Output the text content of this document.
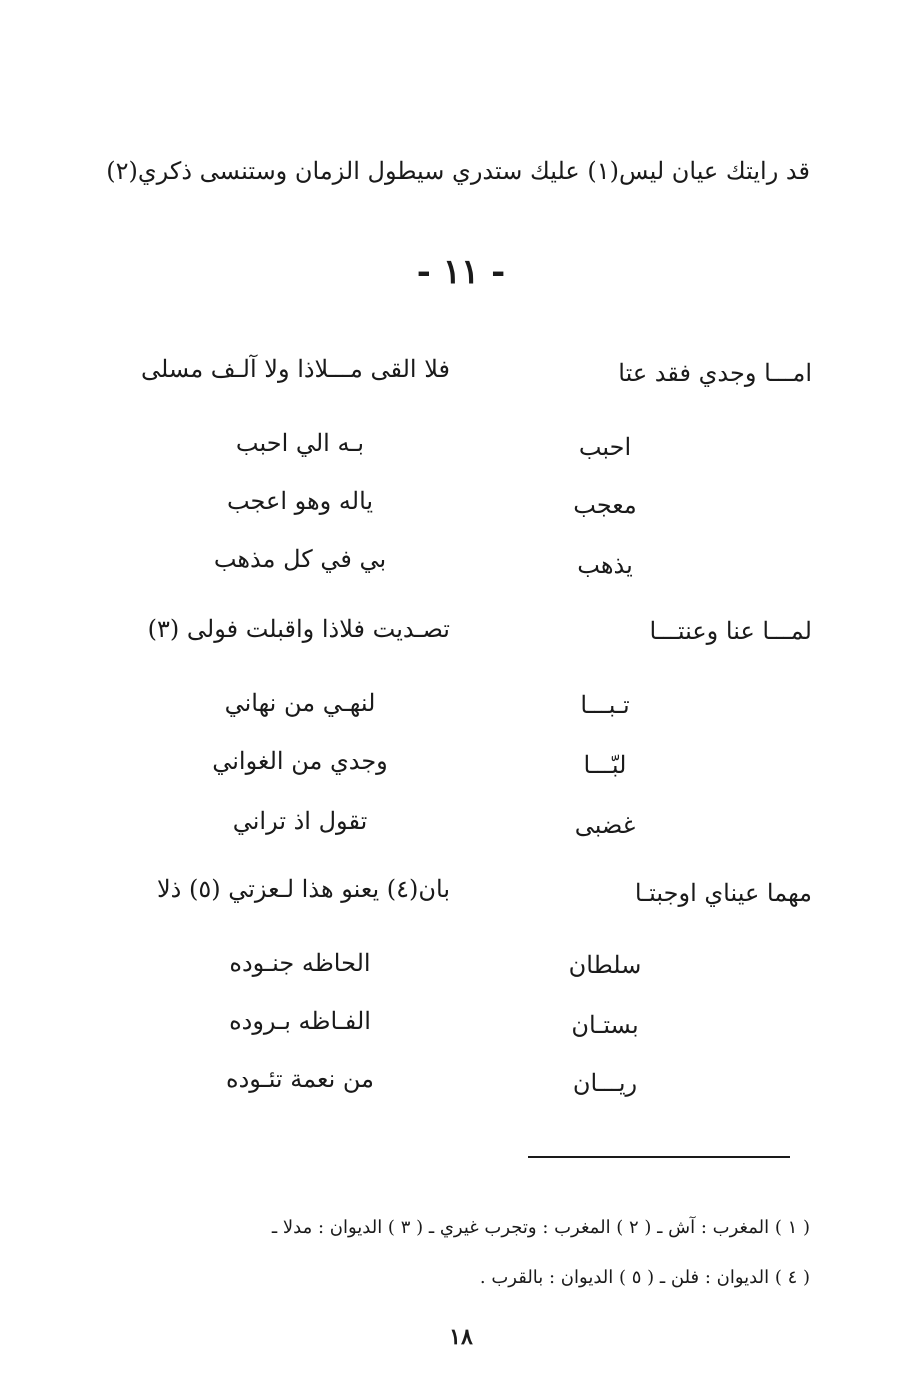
قد رايتك عيان ليس(١) عليك ستدري سيطول الزمان وستنسى ذكري(٢)
- ١١ -
امـــا وجدي فقد عتا
فلا القى مـــلاذا ولا آلـف مسلى
احبب
بـه الي احبب
معجب
ياله وهو اعجب
يذهب
بي في كل مذهب
لمـــا عنا وعنتـــا
تصـديت فلاذا واقبلت فولى (٣)
تـبـــا
لنهـي من نهاني
لبّـــا
وجدي من الغواني
غضبى
تقول اذ تراني
مهما عيناي اوجبتـا
بان(٤) يعنو هذا لـعزتي (٥) ذلا
سلطان
الحاظه جنـوده
بستـان
الفـاظه بـروده
ريـــان
من نعمة تئـوده
( ١ ) المغرب : آش ـ ( ٢ ) المغرب : وتجرب غيري ـ ( ٣ ) الديوان : مدلا ـ
( ٤ ) الديوان : فلن ـ ( ٥ ) الديوان : بالقرب .
١٨
